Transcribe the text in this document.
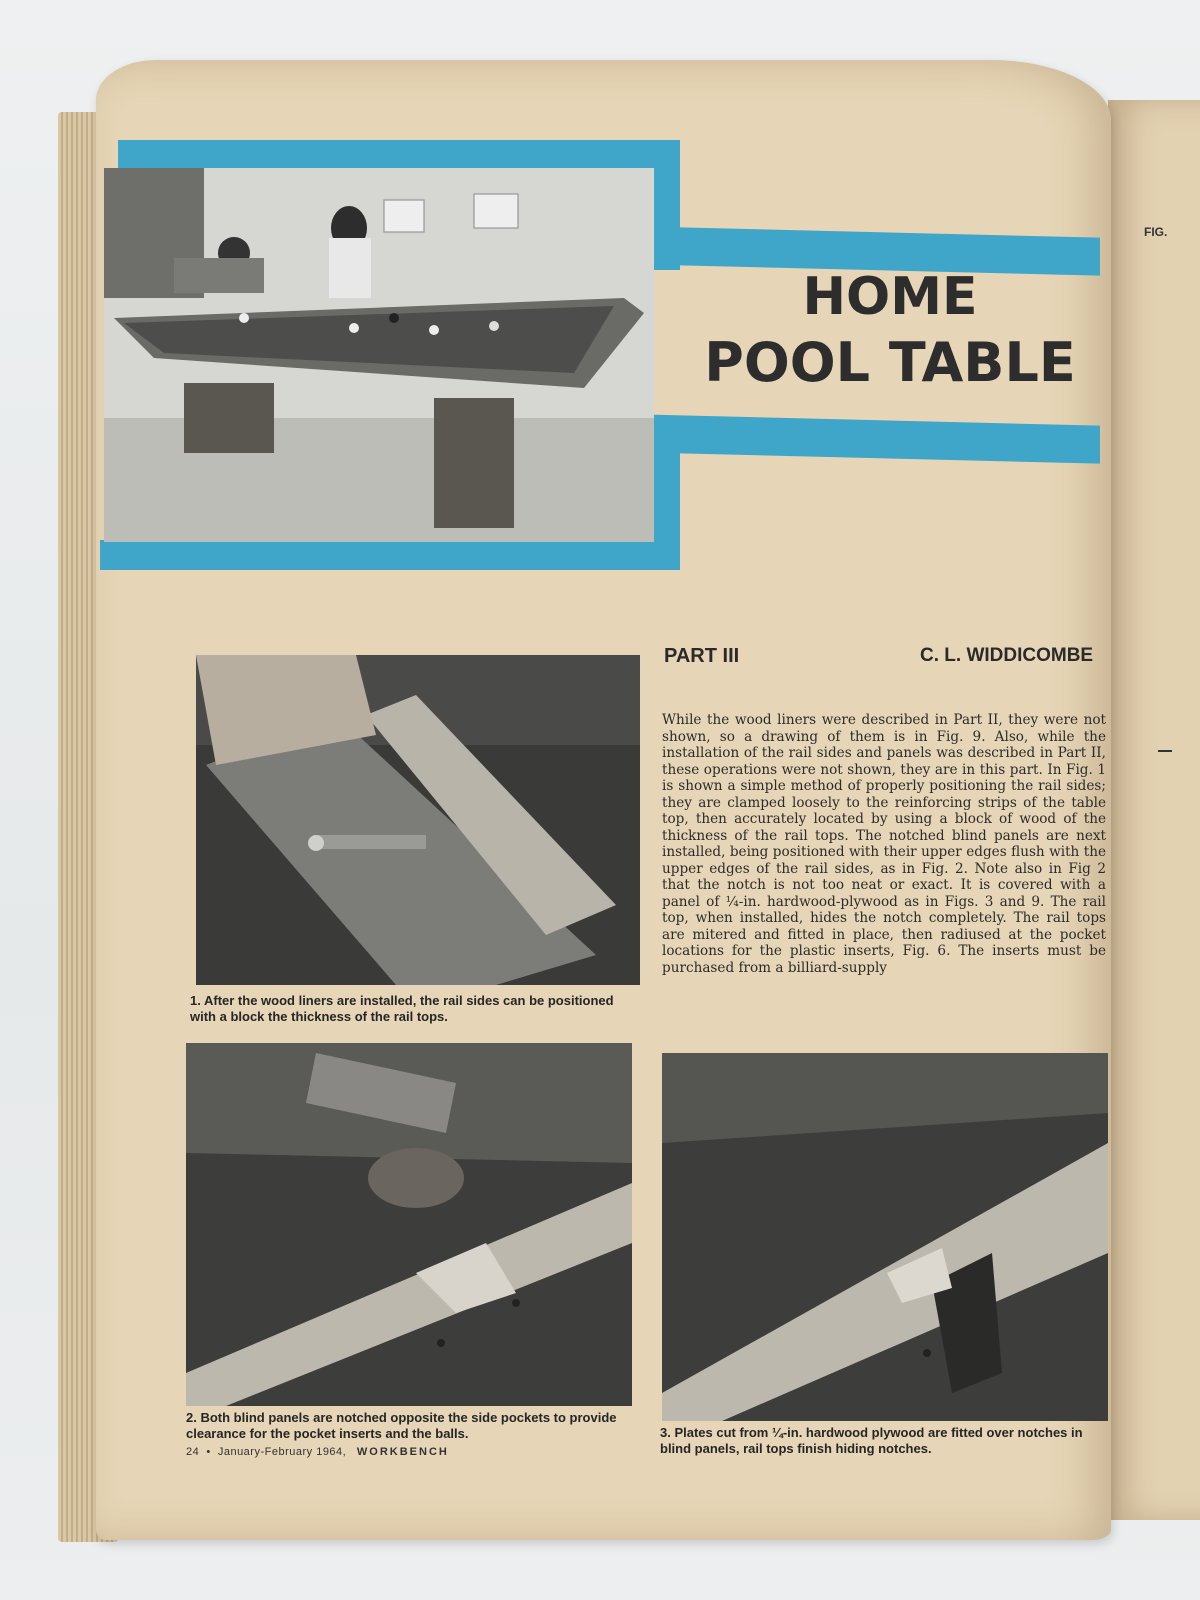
FIG.
HOME
POOL TABLE
PART III	C. L. WIDDICOMBE

While the wood liners were described in Part II, they were not shown, so a drawing of them is in Fig. 9. Also, while the installation of the rail sides and panels was described in Part II, these operations were not shown, they are in this part. In Fig. 1 is shown a simple method of properly positioning the rail sides; they are clamped loosely to the reinforcing strips of the table top, then accurately located by using a block of wood of the thickness of the rail tops. The notched blind panels are next installed, being positioned with their upper edges flush with the upper edges of the rail sides, as in Fig. 2. Note also in Fig 2 that the notch is not too neat or exact. It is covered with a panel of ¼-in. hardwood-plywood as in Figs. 3 and 9. The rail top, when installed, hides the notch completely. The rail tops are mitered and fitted in place, then radiused at the pocket locations for the plastic inserts, Fig. 6. The inserts must be purchased from a billiard-supply

1. After the wood liners are installed, the rail sides can be positioned with a block the thickness of the rail tops.

2. Both blind panels are notched opposite the side pockets to provide clearance for the pocket inserts and the balls.	3. Plates cut from ¼-in. hardwood plywood are fitted over notches in blind panels, rail tops finish hiding notches.

24  •  January-February 1964, WORKBENCH
